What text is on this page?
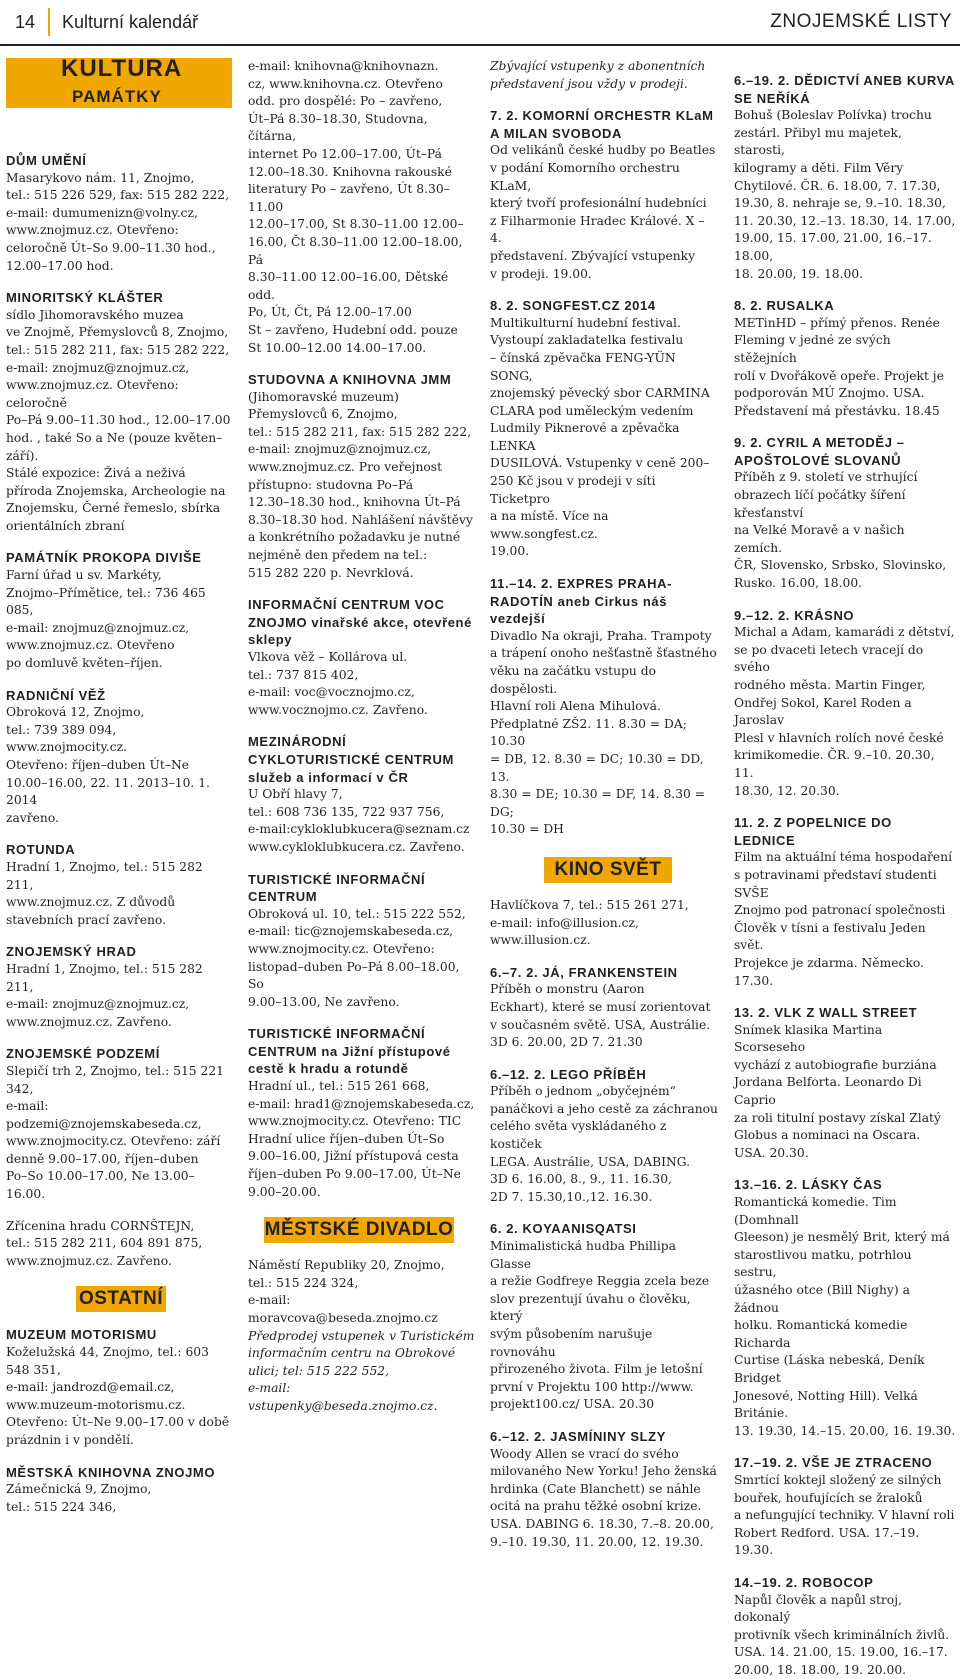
14	Kulturní kalendář	ZNOJEMSKÉ LISTY
KULTURA
PAMÁTKY

DŮM UMĚNÍ

Masarykovo nám. 11, Znojmo,

tel.: 515 226 529, fax: 515 282 222,

e-mail: dumumenizn@volny.cz,

www.znojmuz.cz. Otevřeno:

celoročně Út–So 9.00–11.30 hod.,

12.00–17.00 hod.

MINORITSKÝ KLÁŠTER

sídlo Jihomoravského muzea

ve Znojmě, Přemyslovců 8, Znojmo,

tel.: 515 282 211, fax: 515 282 222,

e-mail: znojmuz@znojmuz.cz,

www.znojmuz.cz. Otevřeno: celoročně

Po–Pá 9.00–11.30 hod., 12.00–17.00

hod. , také So a Ne (pouze květen–září).

Stálé expozice: Živá a neživá příroda Znojemska, Archeologie na Znojemsku, Černé řemeslo, sbírka orientálních zbraní

PAMÁTNÍK PROKOPA DIVIŠE

Farní úřad u sv. Markéty,

Znojmo–Přímětice, tel.: 736 465 085,

e-mail: znojmuz@znojmuz.cz,

www.znojmuz.cz. Otevřeno

po domluvě květen–říjen.

RADNIČNÍ VĚŽ

Obroková 12, Znojmo,

tel.: 739 389 094, www.znojmocity.cz.

Otevřeno: říjen–duben Út–Ne

10.00–16.00, 22. 11. 2013–10. 1. 2014

zavřeno.

ROTUNDA

Hradní 1, Znojmo, tel.: 515 282 211,

www.znojmuz.cz. Z důvodů

stavebních prací zavřeno.

ZNOJEMSKÝ HRAD

Hradní 1, Znojmo, tel.: 515 282 211,

e-mail: znojmuz@znojmuz.cz,

www.znojmuz.cz. Zavřeno.

ZNOJEMSKÉ PODZEMÍ

Slepičí trh 2, Znojmo, tel.: 515 221 342,

e-mail: podzemi@znojemskabeseda.cz,

www.znojmocity.cz. Otevřeno: září

denně 9.00–17.00, říjen–duben

Po–So 10.00–17.00, Ne 13.00–16.00.

Zřícenina hradu CORNŠTEJN,

tel.: 515 282 211, 604 891 875,

www.znojmuz.cz. Zavřeno.

OSTATNÍ

MUZEUM MOTORISMU

Koželužská 44, Znojmo, tel.: 603 548 351,

e-mail: jandrozd@email.cz,

www.muzeum-motorismu.cz.

Otevřeno: Út–Ne 9.00–17.00 v době

prázdnin i v pondělí.

MĚSTSKÁ KNIHOVNA ZNOJMO

Zámečnická 9, Znojmo,

tel.: 515 224 346,

e-mail: knihovna@knihovnazn.

cz, www.knihovna.cz. Otevřeno

odd. pro dospělé: Po – zavřeno,

Út–Pá 8.30–18.30, Studovna, čítárna,

internet Po 12.00–17.00, Út–Pá

12.00–18.30. Knihovna rakouské

literatury Po – zavřeno, Út 8.30–11.00

12.00–17.00, St 8.30–11.00 12.00–

16.00, Čt 8.30–11.00 12.00–18.00, Pá

8.30–11.00 12.00–16.00, Dětské odd.

Po, Út, Čt, Pá 12.00–17.00

St – zavřeno, Hudební odd. pouze

St 10.00–12.00 14.00–17.00.

STUDOVNA A KNIHOVNA JMM

(Jihomoravské muzeum)

Přemyslovců 6, Znojmo,

tel.: 515 282 211, fax: 515 282 222,

e-mail: znojmuz@znojmuz.cz,

www.znojmuz.cz. Pro veřejnost

přístupno: studovna Po–Pá

12.30–18.30 hod., knihovna Út–Pá

8.30–18.30 hod. Nahlášení návštěvy

a konkrétního požadavku je nutné

nejméně den předem na tel.:

515 282 220 p. Nevrklová.

INFORMAČNÍ CENTRUM VOC

ZNOJMO vinařské akce, otevřené

sklepy

Vlkova věž – Kollárova ul.

tel.: 737 815 402,

e-mail: voc@vocznojmo.cz,

www.vocznojmo.cz. Zavřeno.

MEZINÁRODNÍ

CYKLOTURISTICKÉ CENTRUM

služeb a informací v ČR

U Obří hlavy 7,

tel.: 608 736 135, 722 937 756,

e-mail:cykloklubkucera@seznam.cz

www.cykloklubkucera.cz. Zavřeno.

TURISTICKÉ INFORMAČNÍ

CENTRUM

Obroková ul. 10, tel.: 515 222 552,

e-mail: tic@znojemskabeseda.cz,

www.znojmocity.cz. Otevřeno:

listopad–duben Po–Pá 8.00–18.00, So

9.00–13.00, Ne zavřeno.

TURISTICKÉ INFORMAČNÍ

CENTRUM na Jižní přístupové

cestě k hradu a rotundě

Hradní ul., tel.: 515 261 668,

e-mail: hrad1@znojemskabeseda.cz,

www.znojmocity.cz. Otevřeno: TIC

Hradní ulice říjen–duben Út–So

9.00–16.00, Jižní přístupová cesta

říjen–duben Po 9.00–17.00, Út–Ne

9.00–20.00.

MĚSTSKÉ DIVADLO

Náměstí Republiky 20, Znojmo,

tel.: 515 224 324,

e-mail: moravcova@beseda.znojmo.cz

Předprodej vstupenek v Turistickém

informačním centru na Obrokové

ulici; tel: 515 222 552,

e-mail: vstupenky@beseda.znojmo.cz.

Zbývající vstupenky z abonentních

představení jsou vždy v prodeji.

7. 2. KOMORNÍ ORCHESTR KLaM

A MILAN SVOBODA

Od velikánů české hudby po Beatles

v podání Komorního orchestru KLaM,

který tvoří profesionální hudebníci

z Filharmonie Hradec Králové. X – 4.

představení. Zbývající vstupenky

v prodeji. 19.00.

8. 2. SONGFEST.CZ 2014

Multikulturní hudební festival.

Vystoupí zakladatelka festivalu

– čínská zpěvačka FENG-YÜN SONG,

znojemský pěvecký sbor CARMINA

CLARA pod uměleckým vedením

Ludmily Piknerové a zpěvačka LENKA

DUSILOVÁ. Vstupenky v ceně 200–

250 Kč jsou v prodeji v síti Ticketpro

a na místě. Více na www.songfest.cz.

19.00.

11.–14. 2. EXPRES PRAHA-

RADOTÍN aneb Cirkus náš vezdejší

Divadlo Na okraji, Praha. Trampoty

a trápení onoho nešťastně šťastného

věku na začátku vstupu do dospělosti.

Hlavní roli Alena Mihulová.

Předplatné ZŠ2. 11. 8.30 = DA; 10.30

= DB, 12. 8.30 = DC; 10.30 = DD, 13.

8.30 = DE; 10.30 = DF, 14. 8.30 = DG;

10.30 = DH

KINO SVĚT

Havlíčkova 7, tel.: 515 261 271,

e-mail: info@illusion.cz,

www.illusion.cz.

6.–7. 2. JÁ, FRANKENSTEIN

Příběh o monstru (Aaron

Eckhart), které se musí zorientovat

v současném světě. USA, Austrálie.

3D 6. 20.00, 2D 7. 21.30

6.–12. 2. LEGO PŘÍBĚH

Příběh o jednom „obyčejném“

panáčkovi a jeho cestě za záchranou

celého světa vyskládaného z kostiček

LEGA. Austrálie, USA, DABING.

3D 6. 16.00, 8., 9., 11. 16.30,

2D 7. 15.30,10.,12. 16.30.

6. 2. KOYAANISQATSI

Minimalistická hudba Phillipa Glasse

a režie Godfreye Reggia zcela beze

slov prezentují úvahu o člověku, který

svým působením narušuje rovnováhu

přirozeného života. Film je letošní

první v Projektu 100 http://www.

projekt100.cz/ USA. 20.30

6.–12. 2. JASMÍNINY SLZY

Woody Allen se vrací do svého

milovaného New Yorku! Jeho ženská

hrdinka (Cate Blanchett) se náhle

ocitá na prahu těžké osobní krize.

USA. DABING 6. 18.30, 7.–8. 20.00,

9.–10. 19.30, 11. 20.00, 12. 19.30.

6.–19. 2. DĚDICTVÍ ANEB KURVA

SE NEŘÍKÁ

Bohuš (Boleslav Polívka) trochu

zestárl. Přibyl mu majetek, starosti,

kilogramy a děti. Film Věry

Chytilové. ČR. 6. 18.00, 7. 17.30,

19.30, 8. nehraje se, 9.–10. 18.30,

11. 20.30, 12.–13. 18.30, 14. 17.00,

19.00, 15. 17.00, 21.00, 16.–17. 18.00,

18. 20.00, 19. 18.00.

8. 2. RUSALKA

METinHD – přímý přenos. Renée

Fleming v jedné ze svých stěžejních

rolí v Dvořákově opeře. Projekt je

podporován MÚ Znojmo. USA.

Představení má přestávku. 18.45

9. 2. CYRIL A METODĚJ –

APOŠTOLOVÉ SLOVANŮ

Příběh z 9. století ve strhující

obrazech líčí počátky šíření křesťanství

na Velké Moravě a v našich zemích.

ČR, Slovensko, Srbsko, Slovinsko,

Rusko. 16.00, 18.00.

9.–12. 2. KRÁSNO

Michal a Adam, kamarádi z dětství,

se po dvaceti letech vracejí do svého

rodného města. Martin Finger,

Ondřej Sokol, Karel Roden a Jaroslav

Plesl v hlavních rolích nové české

krimikomedie. ČR. 9.–10. 20.30, 11.

18.30, 12. 20.30.

11. 2. Z POPELNICE DO LEDNICE

Film na aktuální téma hospodaření

s potravinami představí studenti SVŠE

Znojmo pod patronací společnosti

Člověk v tísni a festivalu Jeden svět.

Projekce je zdarma. Německo. 17.30.

13. 2. VLK Z WALL STREET

Snímek klasika Martina Scorseseho

vychází z autobiografie burziána

Jordana Belforta. Leonardo Di Caprio

za roli titulní postavy získal Zlatý

Globus a nominaci na Oscara.

USA. 20.30.

13.–16. 2. LÁSKY ČAS

Romantická komedie. Tim (Domhnall

Gleeson) je nesmělý Brit, který má

starostlivou matku, potrhlou sestru,

úžasného otce (Bill Nighy) a žádnou

holku. Romantická komedie Richarda

Curtise (Láska nebeská, Deník Bridget

Jonesové, Notting Hill). Velká Británie.

13. 19.30, 14.–15. 20.00, 16. 19.30.

17.–19. 2. VŠE JE ZTRACENO

Smrtící koktejl složený ze silných

bouřek, houfujících se žraloků

a nefungující techniky. V hlavní roli

Robert Redford. USA. 17.–19. 19.30.

14.–19. 2. ROBOCOP

Napůl člověk a napůl stroj, dokonalý

protivník všech kriminálních živlů.

USA. 14. 21.00, 15. 19.00, 16.–17.

20.00, 18. 18.00, 19. 20.00.
